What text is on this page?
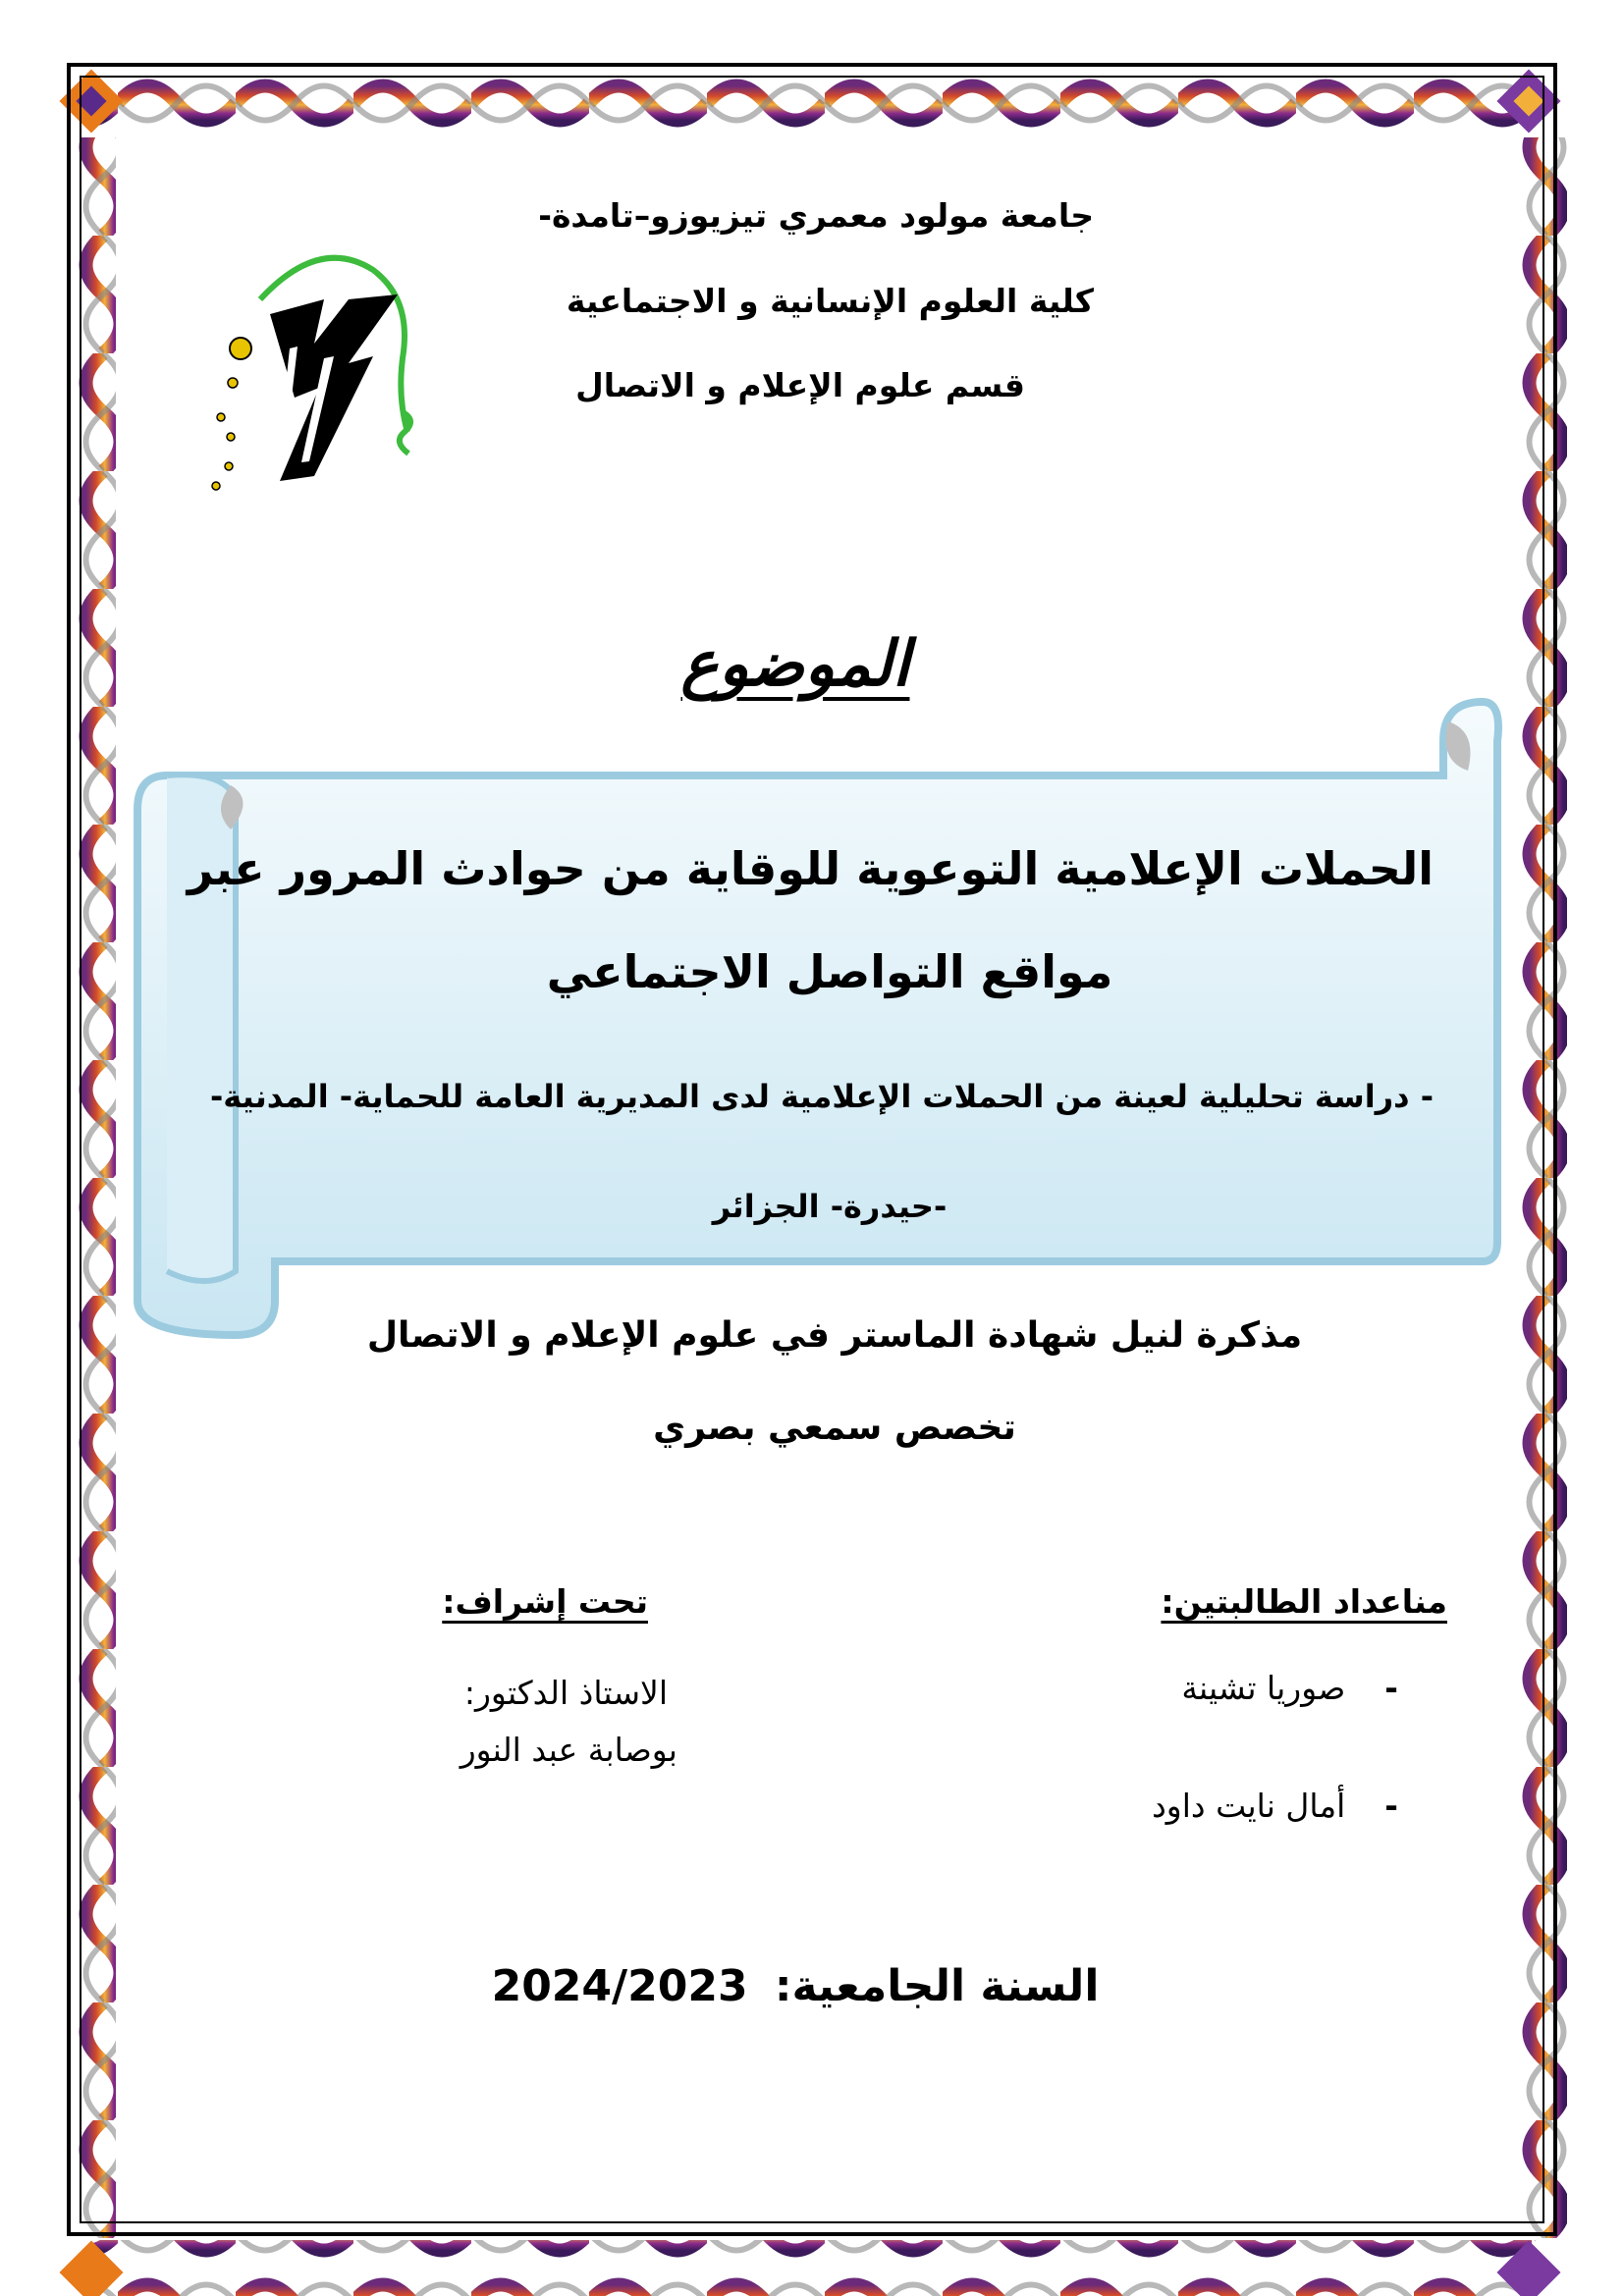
جامعة مولود معمري تيزيوزو–تامدة-
كلية العلوم الإنسانية و الاجتماعية
قسم علوم الإعلام و الاتصال
الموضوع
الحملات الإعلامية التوعوية للوقاية من حوادث المرور عبر
مواقع التواصل الاجتماعي
- دراسة تحليلية لعينة من الحملات الإعلامية لدى المديرية العامة للحماية- المدنية-
-حيدرة- الجزائر
مذكرة لنيل شهادة الماستر في علوم الإعلام و الاتصال
تخصص سمعي بصري
مناعداد الطالبتين:
-صوريا تشينة
-أمال نايت داود
تحت إشراف:
الاستاذ الدكتور:
بوصابة عبد النور
السنة الجامعية: 2024/2023
